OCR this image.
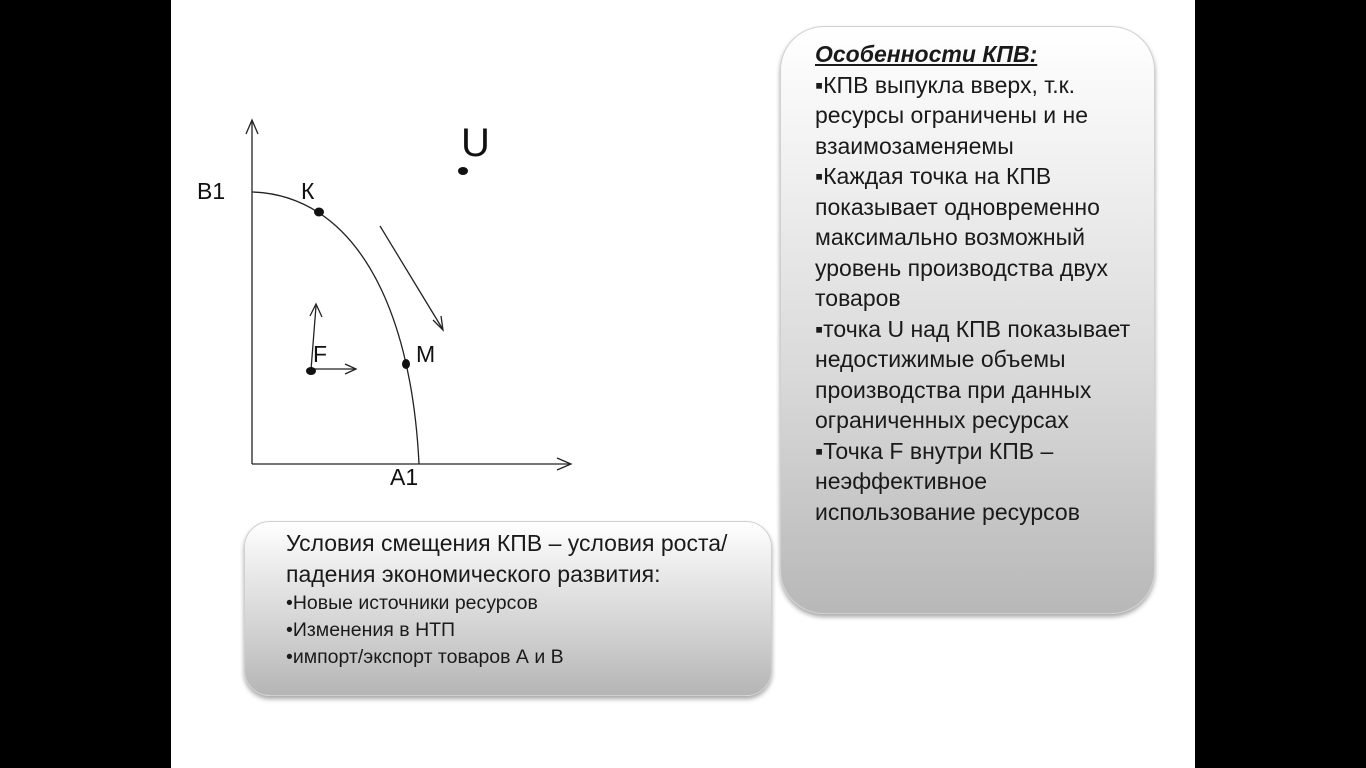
B1
A1
К
M
F
U

Особенности КПВ:

▪КПВ выпукла вверх, т.к. ресурсы ограничены и не взаимозаменяемы

▪Каждая точка на КПВ показывает одновременно максимально возможный уровень производства двух товаров

▪точка U над КПВ показывает недостижимые объемы производства при данных ограниченных ресурсах

▪Точка F внутри КПВ – неэффективное использование ресурсов

Условия смещения КПВ – условия роста/падения экономического развития:

•Новые источники ресурсов

•Изменения в НТП

•импорт/экспорт товаров А и В
